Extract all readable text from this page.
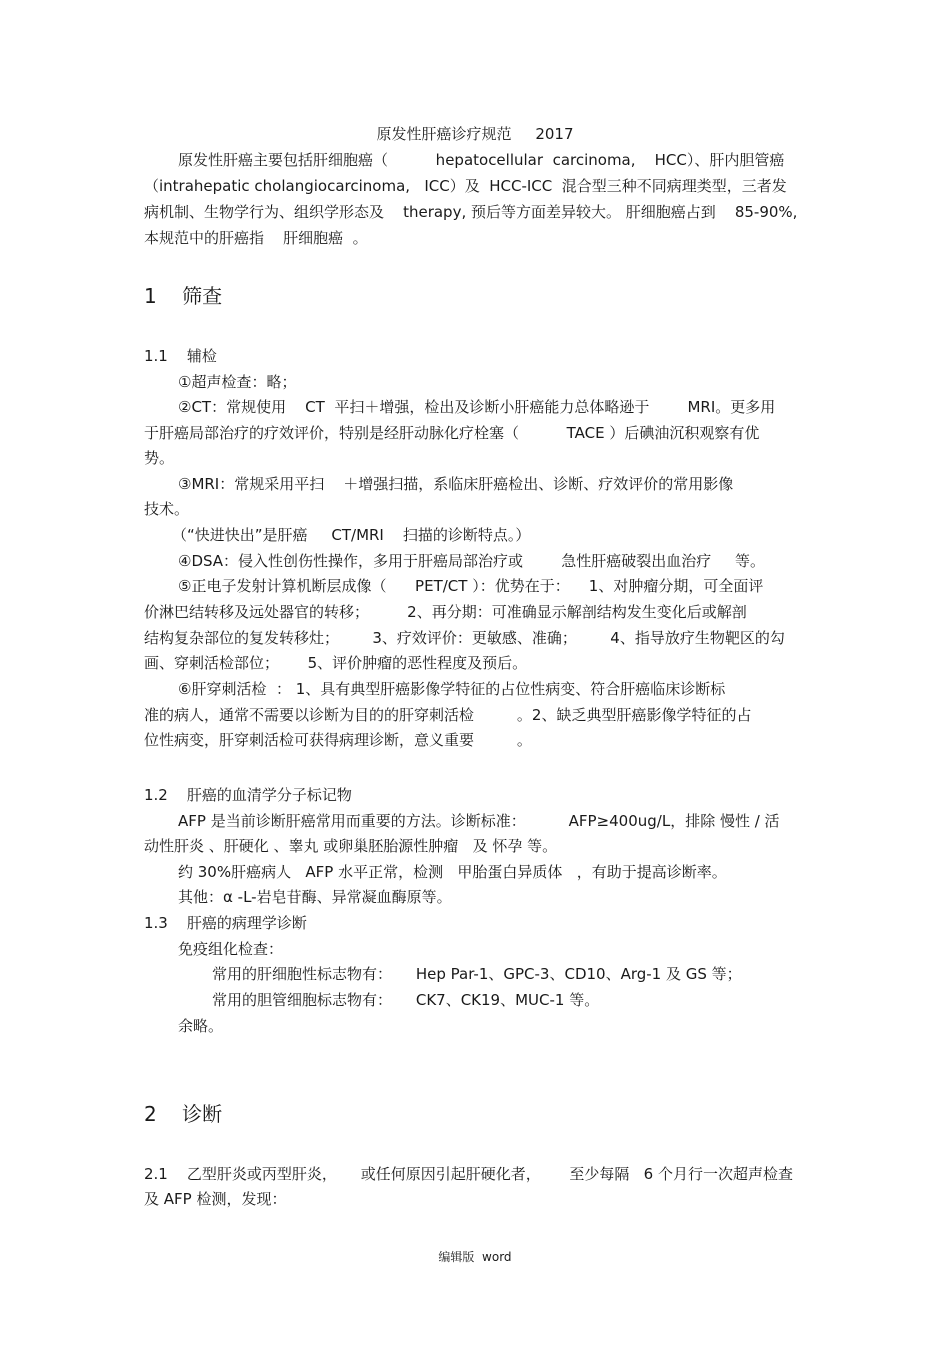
原发性肝癌诊疗规范     2017
原发性肝癌主要包括肝细胞癌（          hepatocellular  carcinoma,    HCC）、肝内胆管癌
（intrahepatic cholangiocarcinoma,   ICC）及  HCC-ICC  混合型三种不同病理类型，三者发
病机制、生物学行为、组织学形态及    therapy, 预后等方面差异较大。 肝细胞癌占到    85-90%,
本规范中的肝癌指    肝细胞癌  。
1    筛查
1.1    辅检
①超声检查：略；
②CT：常规使用    CT  平扫＋增强，检出及诊断小肝癌能力总体略逊于        MRI。更多用
于肝癌局部治疗的疗效评价，特别是经肝动脉化疗栓塞（          TACE ）后碘油沉积观察有优
势。
③MRI：常规采用平扫    ＋增强扫描，系临床肝癌检出、诊断、疗效评价的常用影像
技术。
（“快进快出”是肝癌     CT/MRI    扫描的诊断特点。）
④DSA：侵入性创伤性操作，多用于肝癌局部治疗或        急性肝癌破裂出血治疗     等。
⑤正电子发射计算机断层成像（      PET/CT ）：优势在于：    1、对肿瘤分期，可全面评
价淋巴结转移及远处器官的转移；        2、再分期：可准确显示解剖结构发生变化后或解剖
结构复杂部位的复发转移灶；       3、疗效评价：更敏感、准确；       4、指导放疗生物靶区的勾
画、穿刺活检部位；      5、评价肿瘤的恶性程度及预后。
⑥肝穿刺活检  ： 1、具有典型肝癌影像学特征的占位性病变、符合肝癌临床诊断标
准的病人，通常不需要以诊断为目的的肝穿刺活检         。2、缺乏典型肝癌影像学特征的占
位性病变，肝穿刺活检可获得病理诊断，意义重要         。
1.2    肝癌的血清学分子标记物
AFP 是当前诊断肝癌常用而重要的方法。诊断标准：         AFP≥400ug/L，排除 慢性 / 活
动性肝炎 、肝硬化 、睾丸 或卵巢胚胎源性肿瘤   及 怀孕 等。
约 30%肝癌病人   AFP 水平正常，检测   甲胎蛋白异质体   ，有助于提高诊断率。
其他：α -L-岩皂苷酶、异常凝血酶原等。
1.3    肝癌的病理学诊断
免疫组化检查：
常用的肝细胞性标志物有：     Hep Par-1、GPC-3、CD10、Arg-1 及 GS 等；
常用的胆管细胞标志物有：     CK7、CK19、MUC-1 等。
余略。
2    诊断
2.1    乙型肝炎或丙型肝炎，     或任何原因引起肝硬化者，      至少每隔   6 个月行一次超声检查
及 AFP 检测，发现：
编辑版  word
